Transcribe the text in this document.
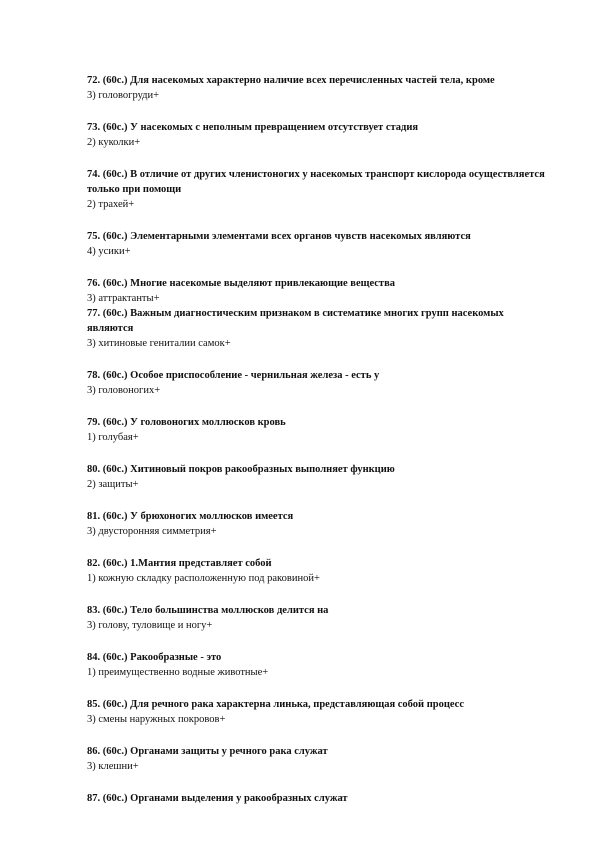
72. (60с.) Для насекомых характерно наличие всех перечисленных частей тела, кроме

3) головогруди+

73. (60с.) У насекомых с неполным превращением отсутствует стадия

2) куколки+

74. (60с.) В отличие от других членистоногих у насекомых транспорт кислорода осуществляется только при помощи

2) трахей+

75. (60с.) Элементарными элементами всех органов чувств насекомых являются

4) усики+

76. (60с.) Многие насекомые выделяют привлекающие вещества

3) аттрактанты+

77. (60с.) Важным диагностическим признаком в систематике многих групп насекомых являются

3) хитиновые гениталии самок+

78. (60с.) Особое приспособление - чернильная железа - есть у

3) головоногих+

79. (60с.) У головоногих моллюсков кровь

1) голубая+

80. (60с.) Хитиновый покров ракообразных выполняет функцию

2) защиты+

81. (60с.) У брюхоногих моллюсков имеется

3) двусторонняя симметрия+

82. (60с.) 1.Мантия представляет собой

1) кожную складку расположенную под раковиной+

83. (60с.) Тело большинства моллюсков делится на

3) голову, туловище и ногу+

84. (60с.) Ракообразные - это

1) преимущественно водные животные+

85. (60с.) Для речного рака характерна линька, представляющая собой процесс

3) смены наружных покровов+

86. (60с.) Органами защиты у речного рака служат

3) клешни+

87. (60с.) Органами выделения у ракообразных служат
